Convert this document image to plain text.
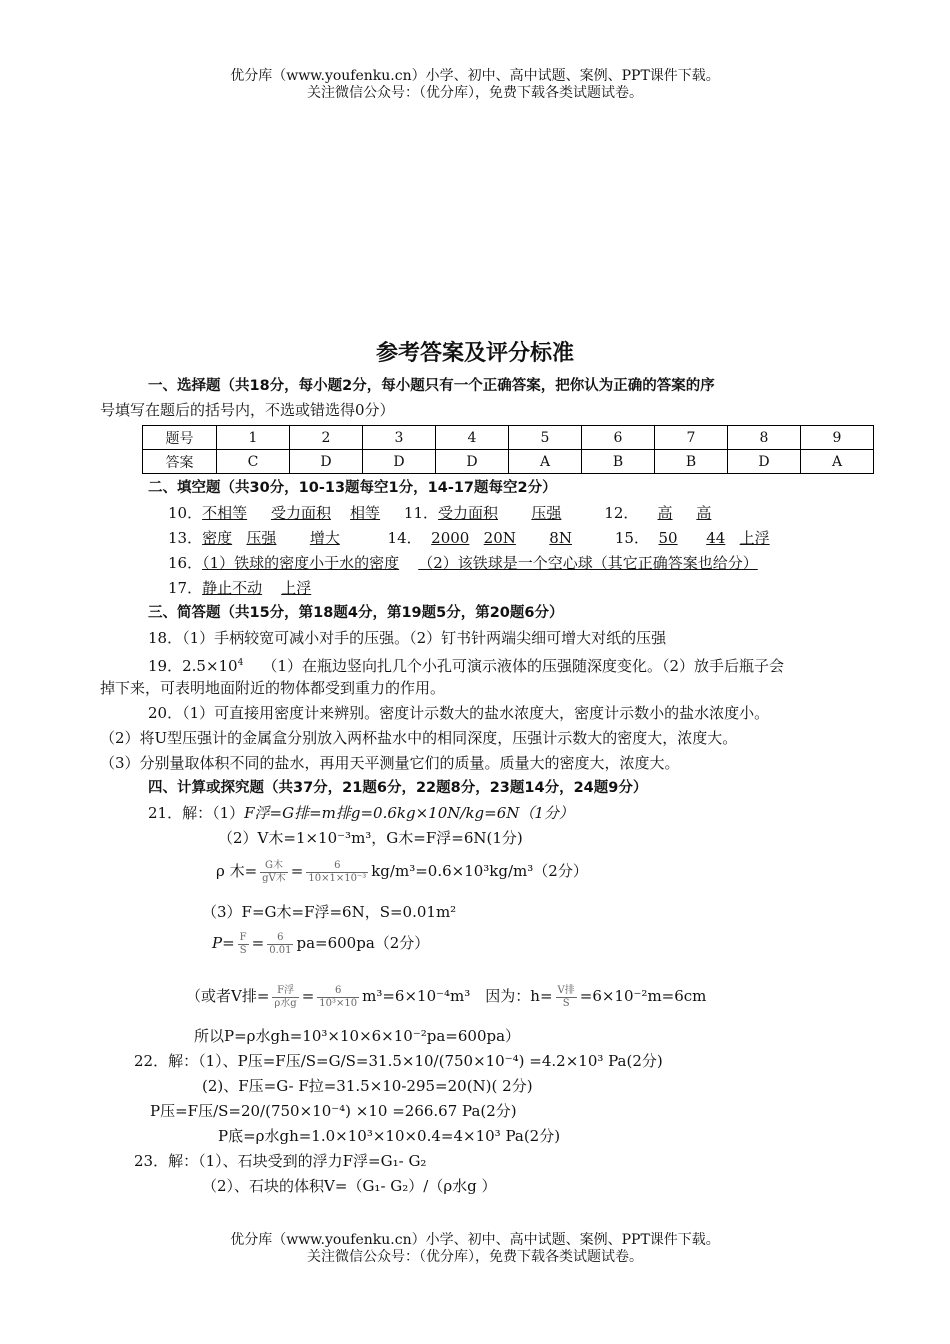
优分库（www.youfenku.cn）小学、初中、高中试题、案例、PPT课件下载。
关注微信公众号：（优分库），免费下载各类试题试卷。
参考答案及评分标准
一、选择题（共18分，每小题2分，每小题只有一个正确答案，把你认为正确的答案的序
号填写在题后的括号内，不选或错选得0分）
题号	1	2	3	4	5	6	7	8	9
答案	C	D	D	D	A	B	B	D	A
二、填空题（共30分，10-13题每空1分，14-17题每空2分）
10．不相等 受力面积 相等 11．受力面积 压强	12． 高 高
13．密度 压强 增大	14． 2000 20N 8N	15． 50 44 上浮
16．（1）铁球的密度小于水的密度 （2）该铁球是一个空心球（其它正确答案也给分）
17．静止不动 上浮
三、简答题（共15分，第18题4分，第19题5分，第20题6分）
18．（1）手柄较宽可减小对手的压强。（2）钉书针两端尖细可增大对纸的压强
19．$2.5\times 10^4$ （1）在瓶边竖向扎几个小孔可演示液体的压强随深度变化。（2）放手后瓶子会
掉下来，可表明地面附近的物体都受到重力的作用。
20．（1）可直接用密度计来辨别。密度计示数大的盐水浓度大，密度计示数小的盐水浓度小。
（2）将U型压强计的金属盒分别放入两杯盐水中的相同深度，压强计示数大的密度大，浓度大。
（3）分别量取体积不同的盐水，再用天平测量它们的质量。质量大的密度大，浓度大。
四、计算或探究题（共37分，21题6分，22题8分，23题14分，24题9分）
21．解：（1）F浮=G排=m排g=0.6kg×10N/kg=6N（1分）
（2）V木=1×10⁻³m³，G木=F浮=6N(1分)
ρ 木= $\frac{\text{G木}}{\text{gV木}} = \frac{6}{\text{10×1×10⁻³}} kg/m^3=0.6\times 10^3kg/m^3(2$分）
（3）F=G木=F浮=6N，S=0.01m²
$P= \frac{F}{S} = \frac{6}{0.01} pa=600pa(2$分）
（或者V排= $\frac{\text{F浮}}{\text{ρ水g}} = \frac{6}{\text{10³×10}} m^3=6\times 10^{-4}m^3$　因为：$h= \frac{\text{V排}}{S} =6\times 10^{-2}m=6cm$
所以P=ρ水gh=10³×10×6×10⁻²pa=600pa）
22．解：（1）、P压=F压/S=G/S=31.5×10/(750×10⁻⁴) =4.2×10³ Pa(2分)
(2)、F压=G- F拉=31.5×10-295=20(N)( 2分)
P压=F压/S=20/(750×10⁻⁴) ×10 =266.67 Pa(2分)
P底=ρ水gh=1.0×10³×10×0.4=4×10³ Pa(2分)
23．解：（1）、石块受到的浮力F浮=G₁- G₂
（2）、石块的体积V=（G₁- G₂）/（ρ水g ）
优分库（www.youfenku.cn）小学、初中、高中试题、案例、PPT课件下载。
关注微信公众号：（优分库），免费下载各类试题试卷。
